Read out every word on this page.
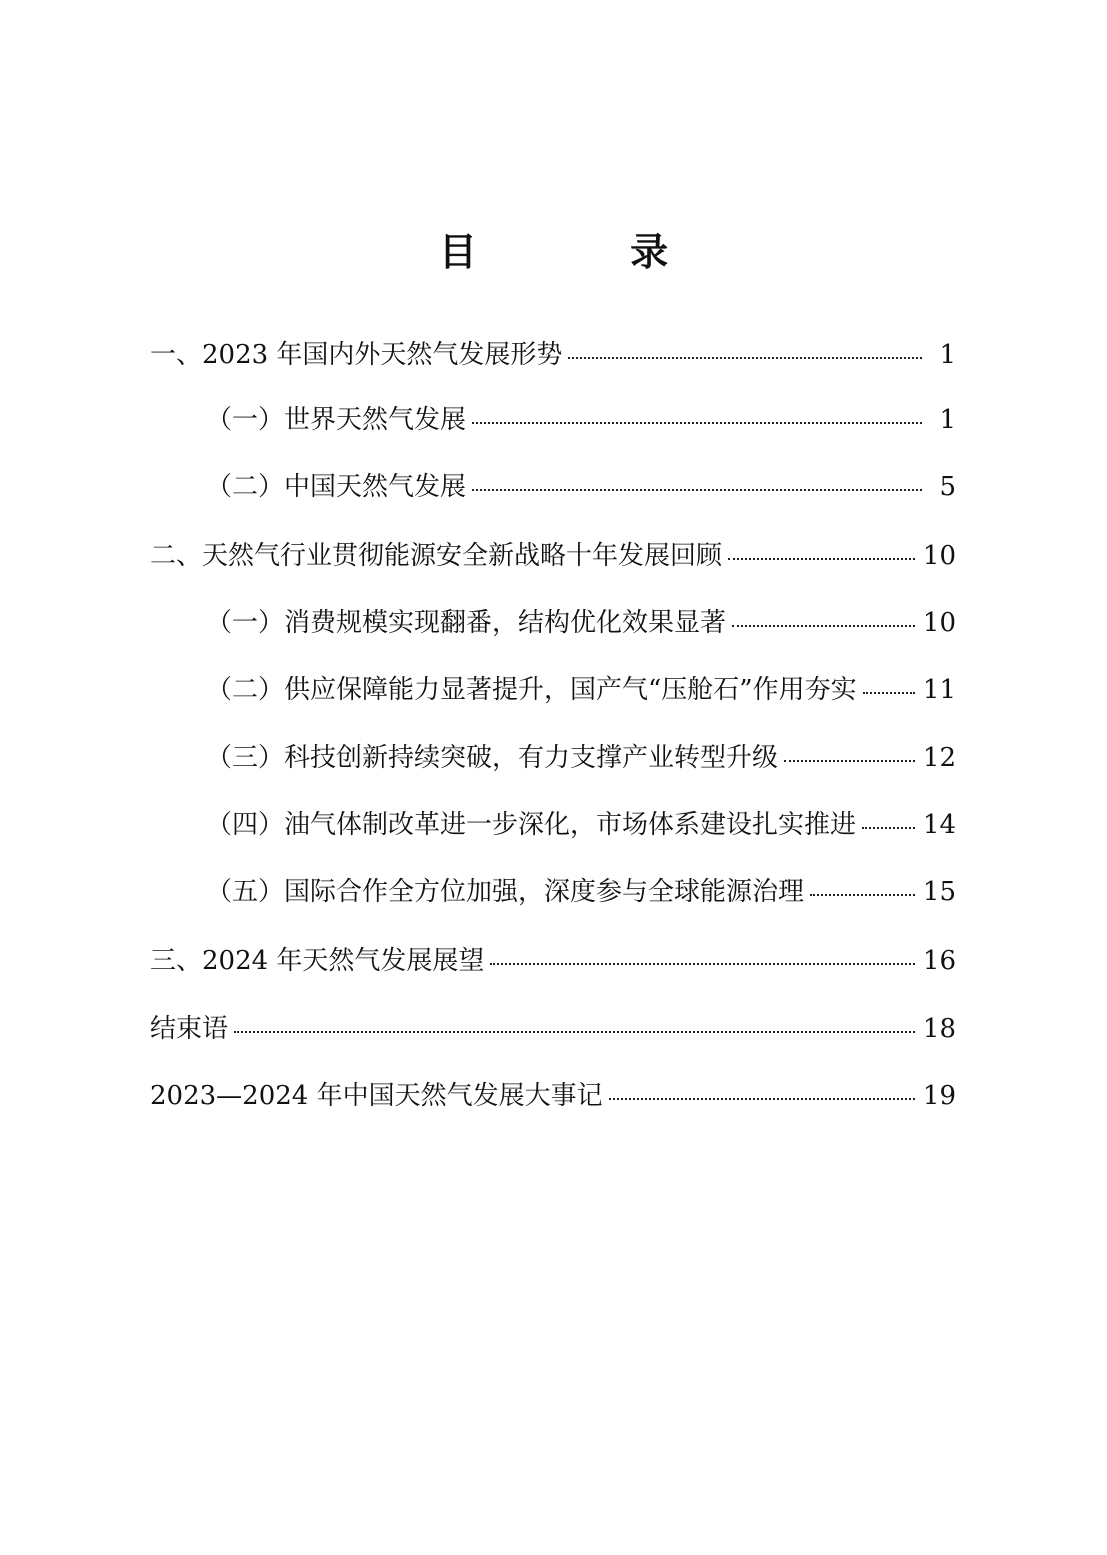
目 录
一、2023 年国内外天然气发展形势	1
（一）世界天然气发展	1
（二）中国天然气发展	5
二、天然气行业贯彻能源安全新战略十年发展回顾	10
（一）消费规模实现翻番，结构优化效果显著	10
（二）供应保障能力显著提升，国产气“压舱石”作用夯实	11
（三）科技创新持续突破，有力支撑产业转型升级	12
（四）油气体制改革进一步深化，市场体系建设扎实推进	14
（五）国际合作全方位加强，深度参与全球能源治理	15
三、2024 年天然气发展展望	16
结束语	18
2023—2024 年中国天然气发展大事记	19
